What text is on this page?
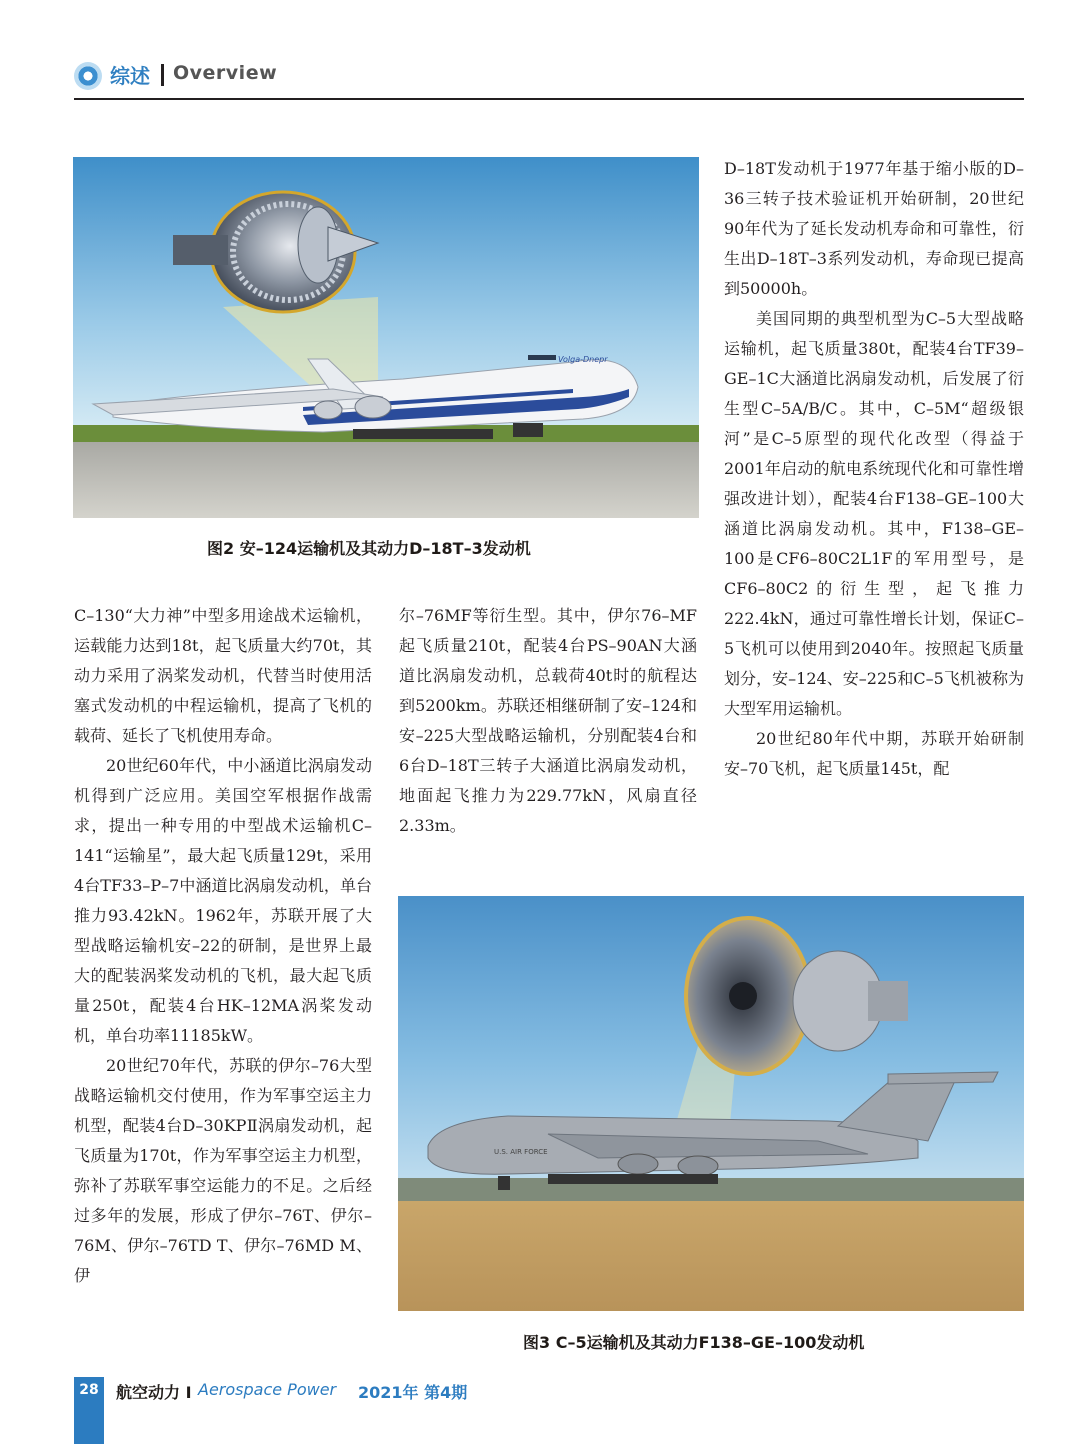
综述 Overview
Volga-Dnepr
图2 安–124运输机及其动力D–18T–3发动机

D–18T发动机于1977年基于缩小版的D–36三转子技术验证机开始研制，20世纪90年代为了延长发动机寿命和可靠性，衍生出D–18T–3系列发动机，寿命现已提高到50000h。

美国同期的典型机型为C–5大型战略运输机，起飞质量380t，配装4台TF39–GE–1C大涵道比涡扇发动机，后发展了衍生型C–5A/B/C。其中，C–5M“超级银河”是C–5原型的现代化改型（得益于2001年启动的航电系统现代化和可靠性增强改进计划），配装4台F138–GE–100大涵道比涡扇发动机。其中，F138–GE–100是CF6–80C2L1F的军用型号，是CF6–80C2的衍生型，起飞推力222.4kN，通过可靠性增长计划，保证C–5飞机可以使用到2040年。按照起飞质量划分，安–124、安–225和C–5飞机被称为大型军用运输机。

20世纪80年代中期，苏联开始研制安–70飞机，起飞质量145t，配

C–130“大力神”中型多用途战术运输机，运载能力达到18t，起飞质量大约70t，其动力采用了涡桨发动机，代替当时使用活塞式发动机的中程运输机，提高了飞机的载荷、延长了飞机使用寿命。

20世纪60年代，中小涵道比涡扇发动机得到广泛应用。美国空军根据作战需求，提出一种专用的中型战术运输机C–141“运输星”，最大起飞质量129t，采用4台TF33–P–7中涵道比涡扇发动机，单台推力93.42kN。1962年，苏联开展了大型战略运输机安–22的研制，是世界上最大的配装涡桨发动机的飞机，最大起飞质量250t，配装4台HK–12MA涡桨发动机，单台功率11185kW。

20世纪70年代，苏联的伊尔–76大型战略运输机交付使用，作为军事空运主力机型，配装4台D–30KPⅡ涡扇发动机，起飞质量为170t，作为军事空运主力机型，弥补了苏联军事空运能力的不足。之后经过多年的发展，形成了伊尔–76T、伊尔–76M、伊尔–76TD T、伊尔–76MD M、伊

尔–76MF等衍生型。其中，伊尔76–MF起飞质量210t，配装4台PS–90AN大涵道比涡扇发动机，总载荷40t时的航程达到5200km。苏联还相继研制了安–124和安–225大型战略运输机，分别配装4台和6台D–18T三转子大涵道比涡扇发动机，地面起飞推力为229.77kN，风扇直径2.33m。

U.S. AIR FORCE
图3 C–5运输机及其动力F138–GE–100发动机
28	航空动力 I Aerospace Power 2021年 第4期
